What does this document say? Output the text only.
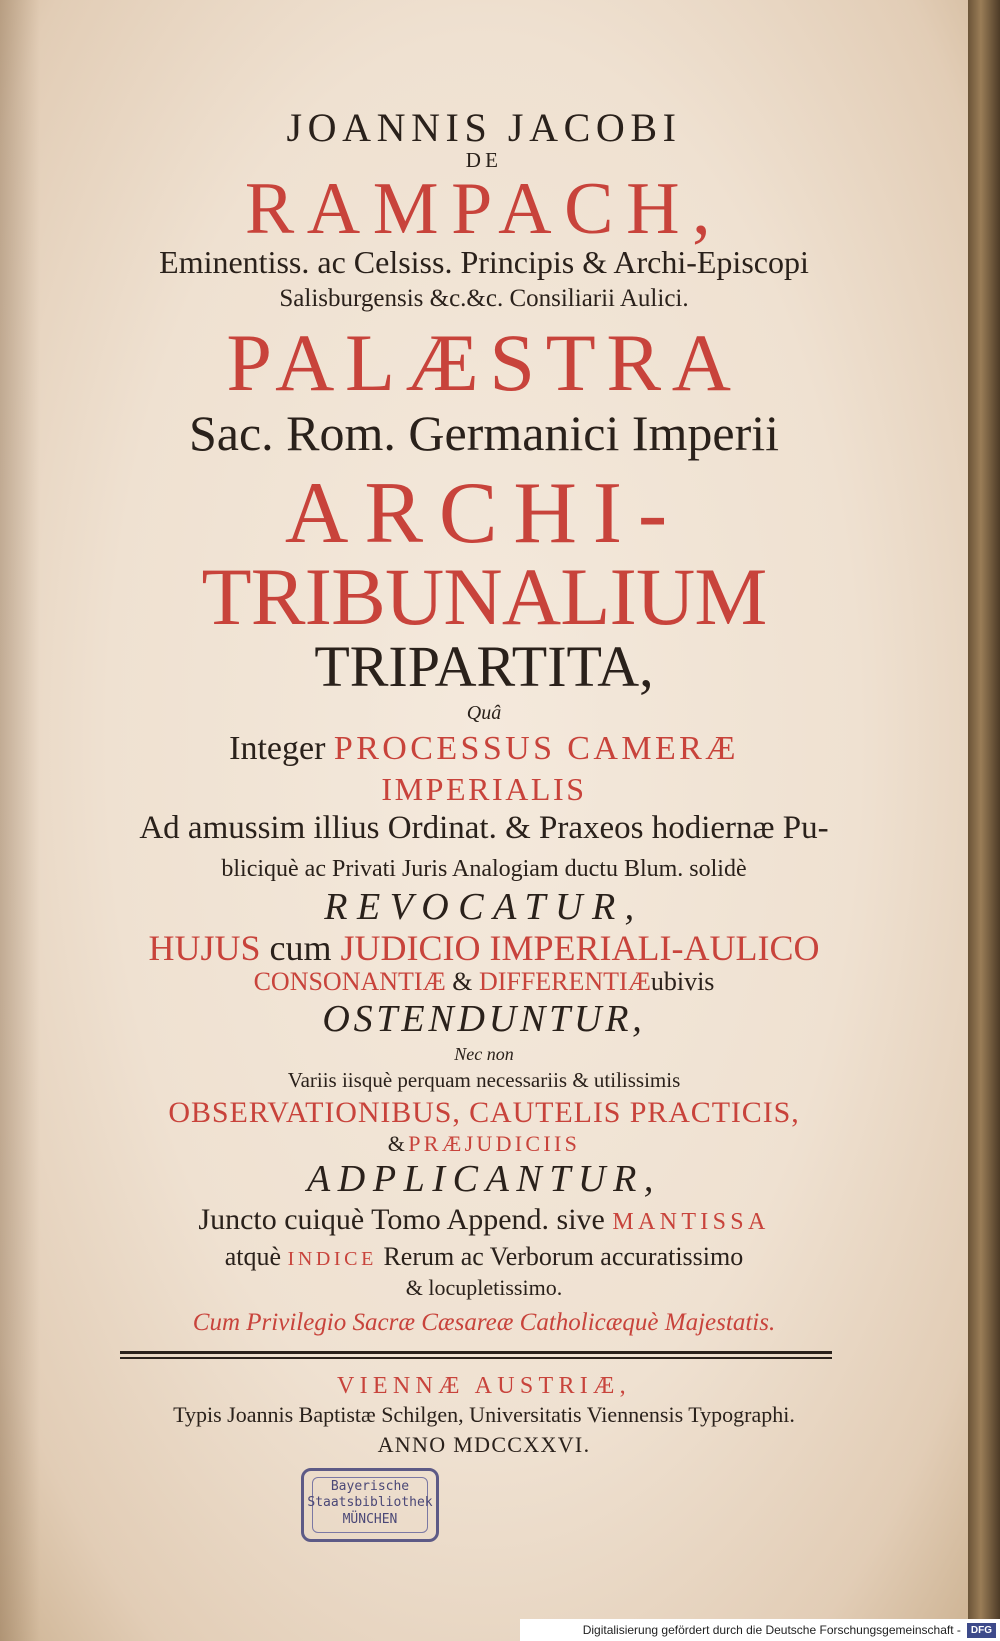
JOANNIS JACOBI
DE
RAMPACH,
Eminentiss. ac Celsiss. Principis & Archi-Episcopi
Salisburgensis &c.&c. Consiliarii Aulici.
PALÆSTRA
Sac. Rom. Germanici Imperii
ARCHI-
TRIBUNALIUM
TRIPARTITA,
Quâ
Integer PROCESSUS CAMERÆ
IMPERIALIS
Ad amussim illius Ordinat. & Praxeos hodiernæ Pu-
bliciquè ac Privati Juris Analogiam ductu Blum. solidè
REVOCATUR,
HUJUS cum JUDICIO IMPERIALI-AULICO
CONSONANTIÆ & DIFFERENTIÆubivis
OSTENDUNTUR,
Nec non
Variis iisquè perquam necessariis & utilissimis
OBSERVATIONIBUS, CAUTELIS PRACTICIS,
&PRÆJUDICIIS
ADPLICANTUR,
Juncto cuiquè Tomo Append. sive MANTISSA
atquè INDICE Rerum ac Verborum accuratissimo
& locupletissimo.
Cum Privilegio Sacræ Cæsareæ Catholicæquè Majestatis.
VIENNÆ AUSTRIÆ,
Typis Joannis Baptistæ Schilgen, Universitatis Viennensis Typographi.
ANNO MDCCXXVI.
Bayerische
Staatsbibliothek
MÜNCHEN
Digitalisierung gefördert durch die Deutsche Forschungsgemeinschaft -	DFG
